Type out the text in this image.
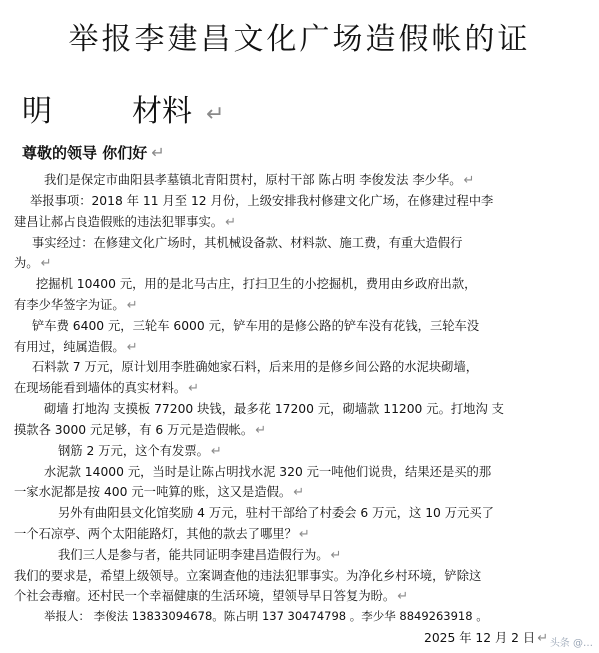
举报李建昌文化广场造假帐的证
明	材料 ↵
尊敬的领导 你们好 ↵
我们是保定市曲阳县孝墓镇北青阳贯村，原村干部 陈占明 李俊发法 李少华。 ↵
举报事项：2018 年 11 月至 12 月份，上级安排我村修建文化广场，在修建过程中李
建昌让郝占良造假账的违法犯罪事实。 ↵
事实经过：在修建文化广场时，其机械设备款、材料款、施工费，有重大造假行
为。 ↵
挖掘机 10400 元，用的是北马古庄，打扫卫生的小挖掘机，费用由乡政府出款，
有李少华签字为证。 ↵
铲车费 6400 元，三轮车 6000 元，铲车用的是修公路的铲车没有花钱，三轮车没
有用过，纯属造假。 ↵
石料款 7 万元，原计划用李胜确她家石料，后来用的是修乡间公路的水泥块砌墙，
在现场能看到墙体的真实材料。 ↵
砌墙 打地沟 支摸板 77200 块钱，最多花 17200 元，砌墙款 11200 元。打地沟 支
摸款各 3000 元足够，有 6 万元是造假帐。 ↵
钢筋 2 万元，这个有发票。 ↵
水泥款 14000 元，当时是让陈占明找水泥 320 元一吨他们说贵，结果还是买的那
一家水泥都是按 400 元一吨算的账，这又是造假。 ↵
另外有曲阳县文化馆奖励 4 万元，驻村干部给了村委会 6 万元，这 10 万元买了
一个石凉亭、两个太阳能路灯，其他的款去了哪里？ ↵
我们三人是参与者，能共同证明李建昌造假行为。 ↵
我们的要求是，希望上级领导。立案调查他的违法犯罪事实。为净化乡村环境，铲除这
个社会毒瘤。还村民一个幸福健康的生活环境，望领导早日答复为盼。 ↵
举报人： 李俊法 13833094678。陈占明 137 30474798 。李少华 8849263918 。
2025 年 12 月 2 日 ↵ 头条 @…
